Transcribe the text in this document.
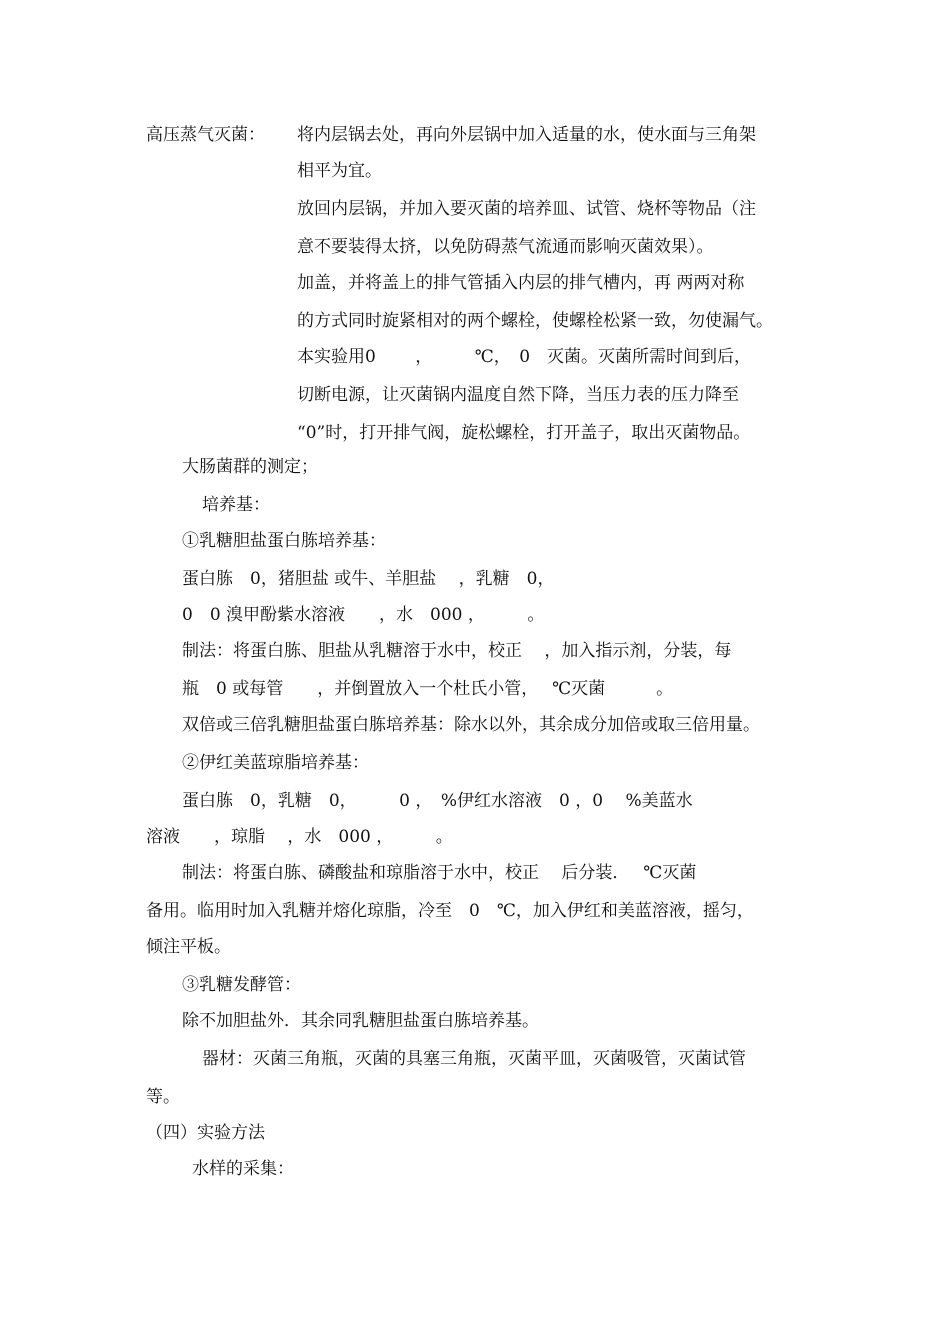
高压蒸气灭菌： 将内层锅去处，再向外层锅中加入适量的水，使水面与三角架
相平为宜。
放回内层锅，并加入要灭菌的培养皿、试管、烧杯等物品（注
意不要装得太挤，以免防碍蒸气流通而影响灭菌效果）。
加盖，并将盖上的排气管插入内层的排气槽内，再 两两对称
的方式同时旋紧相对的两个螺栓，使螺栓松紧一致，勿使漏气。
本实验用0　　 ，　　　℃，　0　灭菌。灭菌所需时间到后，
切断电源，让灭菌锅内温度自然下降，当压力表的压力降至
“0”时，打开排气阀，旋松螺栓，打开盖子，取出灭菌物品。
大肠菌群的测定；
培养基：
①乳糖胆盐蛋白胨培养基：
蛋白胨　0，猪胆盐 或牛、羊胆盐　 ，乳糖　0，
0　0 溴甲酚紫水溶液　　，水　000 ，　　　。
制法：将蛋白胨、胆盐从乳糖溶于水中，校正　 ，加入指示剂，分装，每
瓶　0 或每管　　，并倒置放入一个杜氏小管，　 ℃灭菌　　　。
双倍或三倍乳糖胆盐蛋白胨培养基：除水以外，其余成分加倍或取三倍用量。
②伊红美蓝琼脂培养基：
蛋白胨　0，乳糖　0，　　　0 ，　%伊红水溶液　0 ，0　 %美蓝水
溶液　　，琼脂　 ，水　000 ，　　　。
制法：将蛋白胨、磷酸盐和琼脂溶于水中，校正　 后分装．　 ℃灭菌
备用。临用时加入乳糖并熔化琼脂，冷至　0　℃，加入伊红和美蓝溶液，摇匀，
倾注平板。
③乳糖发酵管：
除不加胆盐外．其余同乳糖胆盐蛋白胨培养基。
器材：灭菌三角瓶，灭菌的具塞三角瓶，灭菌平皿，灭菌吸管，灭菌试管
等。
（四）实验方法
水样的采集：
